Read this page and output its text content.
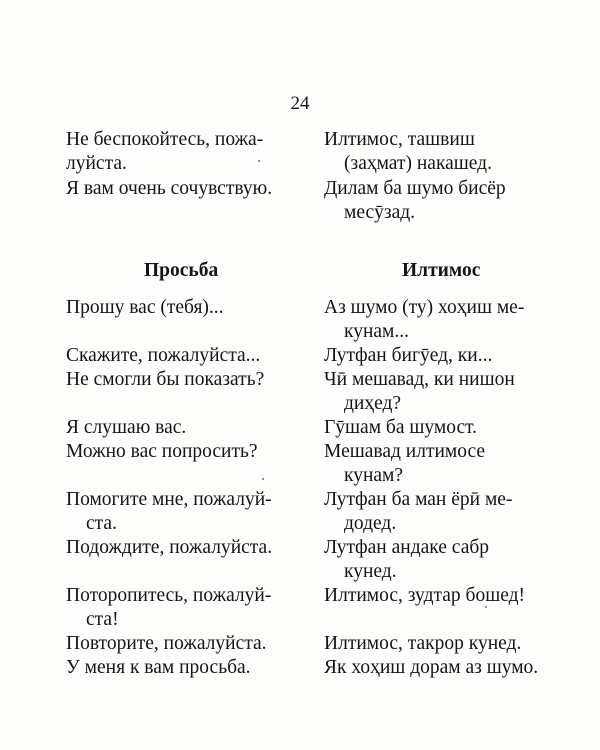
24
Не беспокойтесь, пожа-
луйста.
Я вам очень сочувствую.
Просьба
Прошу вас (тебя)...
Скажите, пожалуйста...
Не смогли бы показать?
Я слушаю вас.
Можно вас попросить?
Помогите мне, пожалуй-
ста.
Подождите, пожалуйста.
Поторопитесь, пожалуй-
ста!
Повторите, пожалуйста.
У меня к вам просьба.
Илтимос, ташвиш
(заҳмат) накашед.
Дилам ба шумо бисёр
месӯзад.
Илтимос
Аз шумо (ту) хоҳиш ме-
кунам...
Лутфан бигӯед, ки...
Чӣ мешавад, ки нишон
диҳед?
Гӯшам ба шумост.
Мешавад илтимосе
кунам?
Лутфан ба ман ёрӣ ме-
додед.
Лутфан андаке сабр
кунед.
Илтимос, зудтар бошед!
Илтимос, такрор кунед.
Як хоҳиш дорам аз шумо.
